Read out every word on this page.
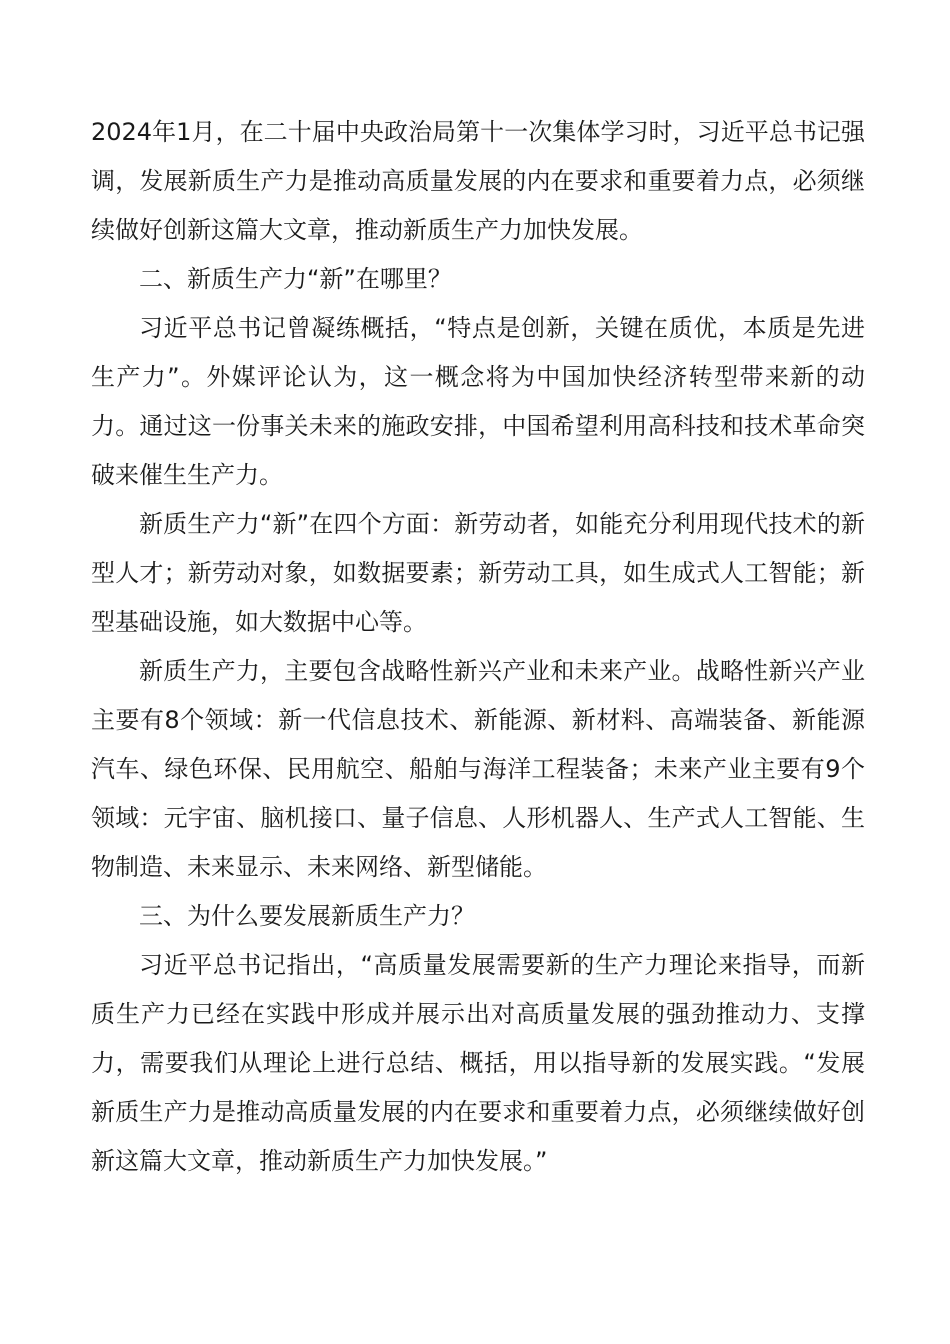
2024年1月，在二十届中央政治局第十一次集体学习时，习近平总书记强调，发展新质生产力是推动高质量发展的内在要求和重要着力点，必须继续做好创新这篇大文章，推动新质生产力加快发展。

二、新质生产力“新”在哪里？

习近平总书记曾凝练概括，“特点是创新，关键在质优，本质是先进生产力”。外媒评论认为，这一概念将为中国加快经济转型带来新的动力。通过这一份事关未来的施政安排，中国希望利用高科技和技术革命突破来催生生产力。

新质生产力“新”在四个方面：新劳动者，如能充分利用现代技术的新型人才；新劳动对象，如数据要素；新劳动工具，如生成式人工智能；新型基础设施，如大数据中心等。

新质生产力，主要包含战略性新兴产业和未来产业。战略性新兴产业主要有8个领域：新一代信息技术、新能源、新材料、高端装备、新能源汽车、绿色环保、民用航空、船舶与海洋工程装备；未来产业主要有9个领域：元宇宙、脑机接口、量子信息、人形机器人、生产式人工智能、生物制造、未来显示、未来网络、新型储能。

三、为什么要发展新质生产力？

习近平总书记指出，“高质量发展需要新的生产力理论来指导，而新质生产力已经在实践中形成并展示出对高质量发展的强劲推动力、支撑力，需要我们从理论上进行总结、概括，用以指导新的发展实践。“发展新质生产力是推动高质量发展的内在要求和重要着力点，必须继续做好创新这篇大文章，推动新质生产力加快发展。”
